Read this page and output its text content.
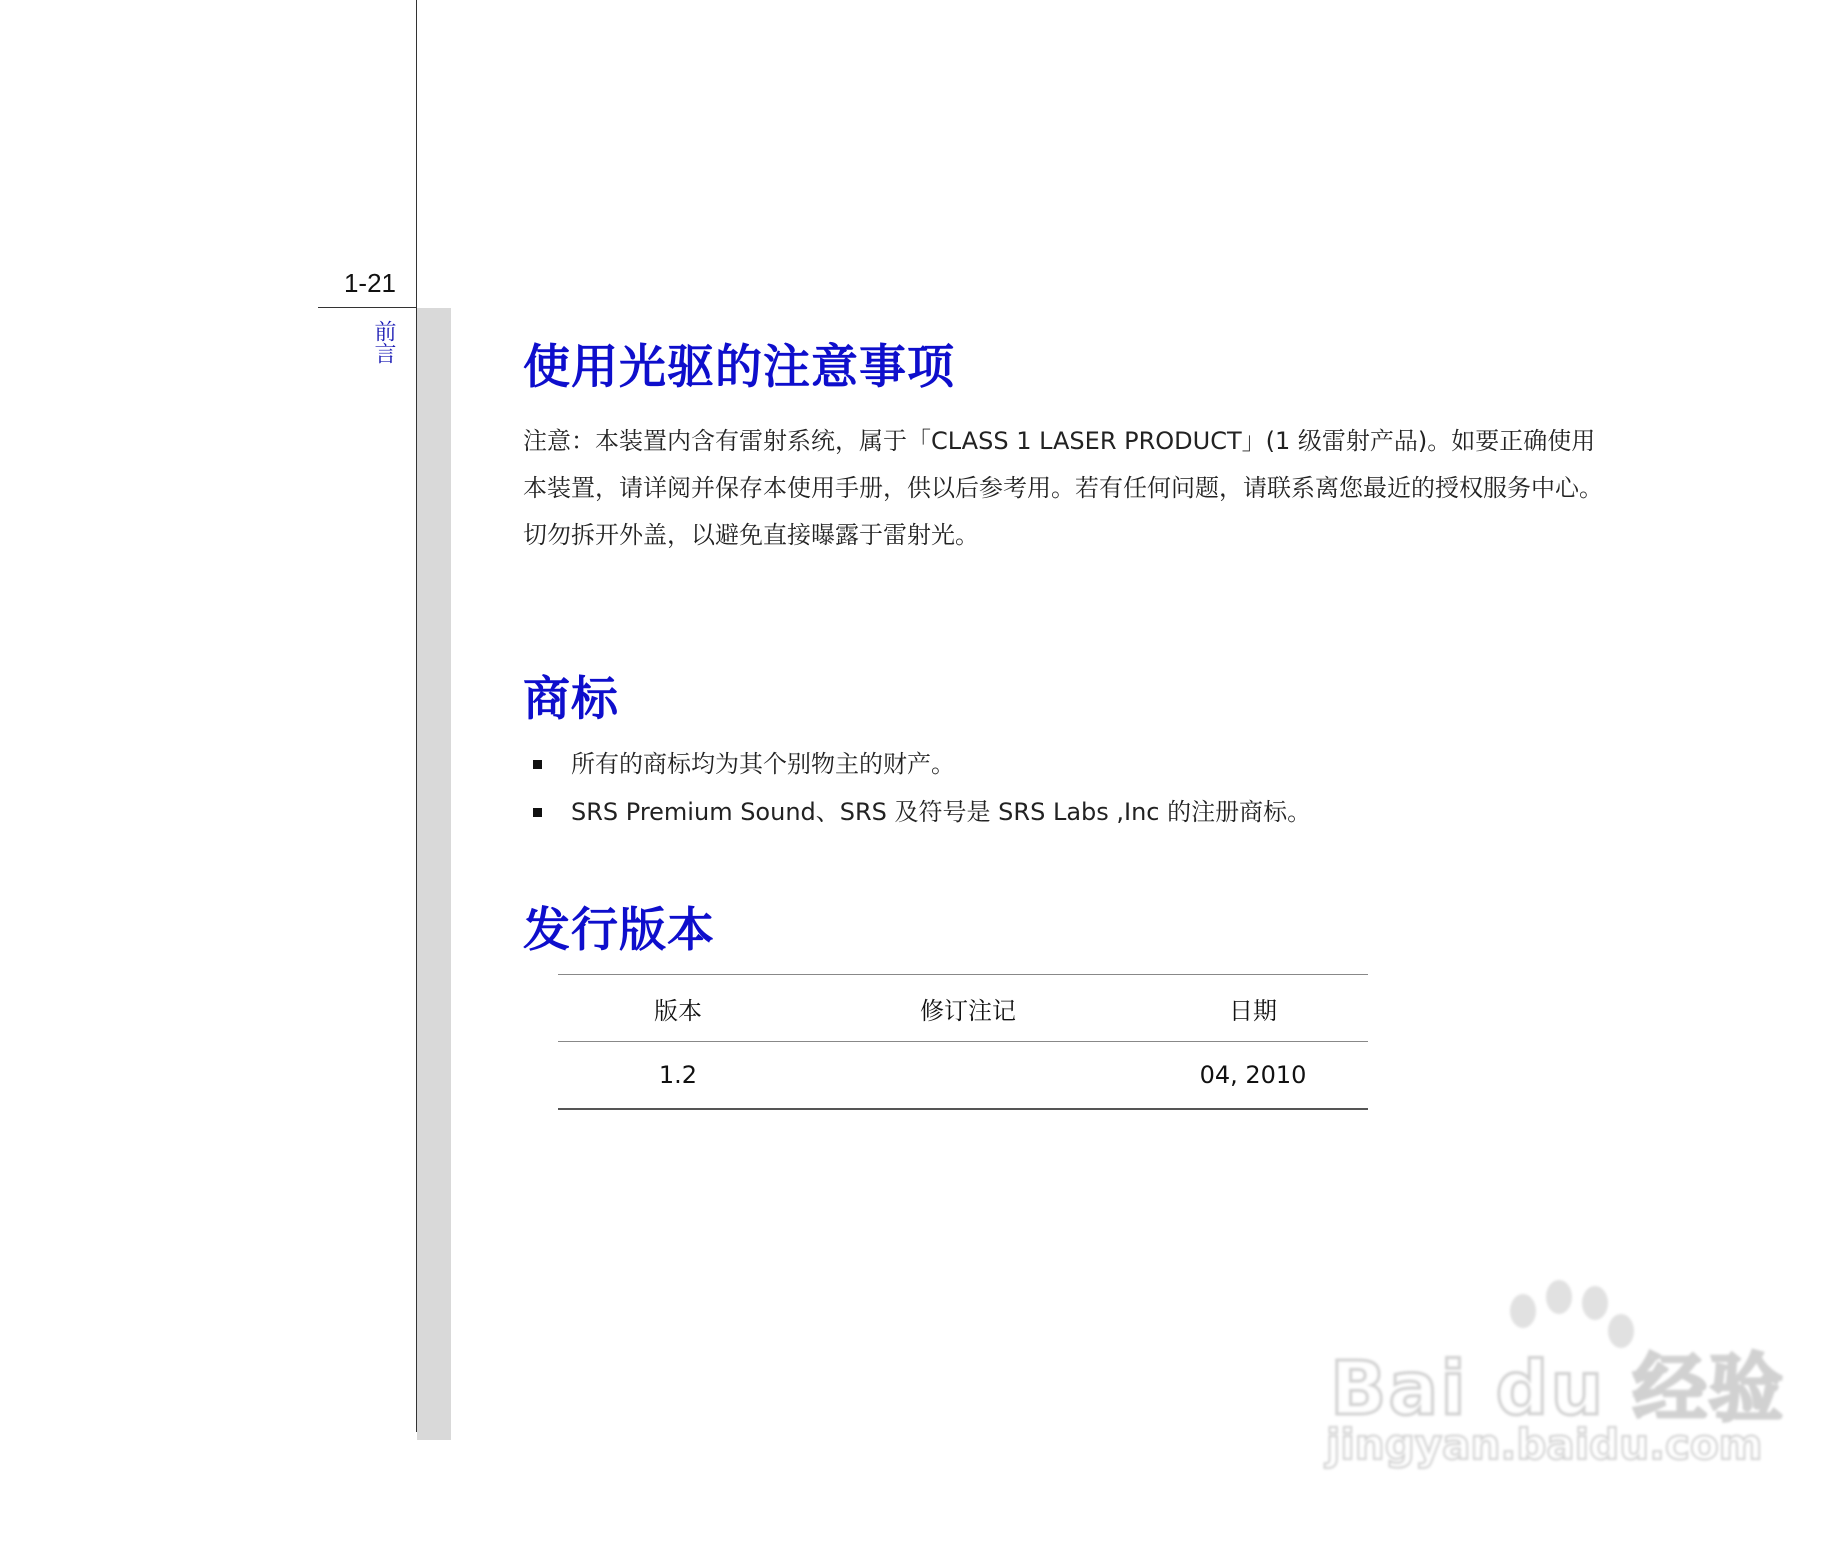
1-21
前言	使用光驱的注意事项
注意：本装置内含有雷射系统，属于「CLASS 1 LASER PRODUCT」(1 级雷射产品)。如要正确使用
本装置，请详阅并保存本使用手册，供以后参考用。若有任何问题，请联系离您最近的授权服务中心。
切勿拆开外盖，以避免直接曝露于雷射光。
商标
所有的商标均为其个别物主的财产。
SRS Premium Sound、SRS 及符号是 SRS Labs ,Inc 的注册商标。
发行版本
版本	修订注记	日期
1.2		04, 2010
Bai du 经验
jingyan.baidu.com
